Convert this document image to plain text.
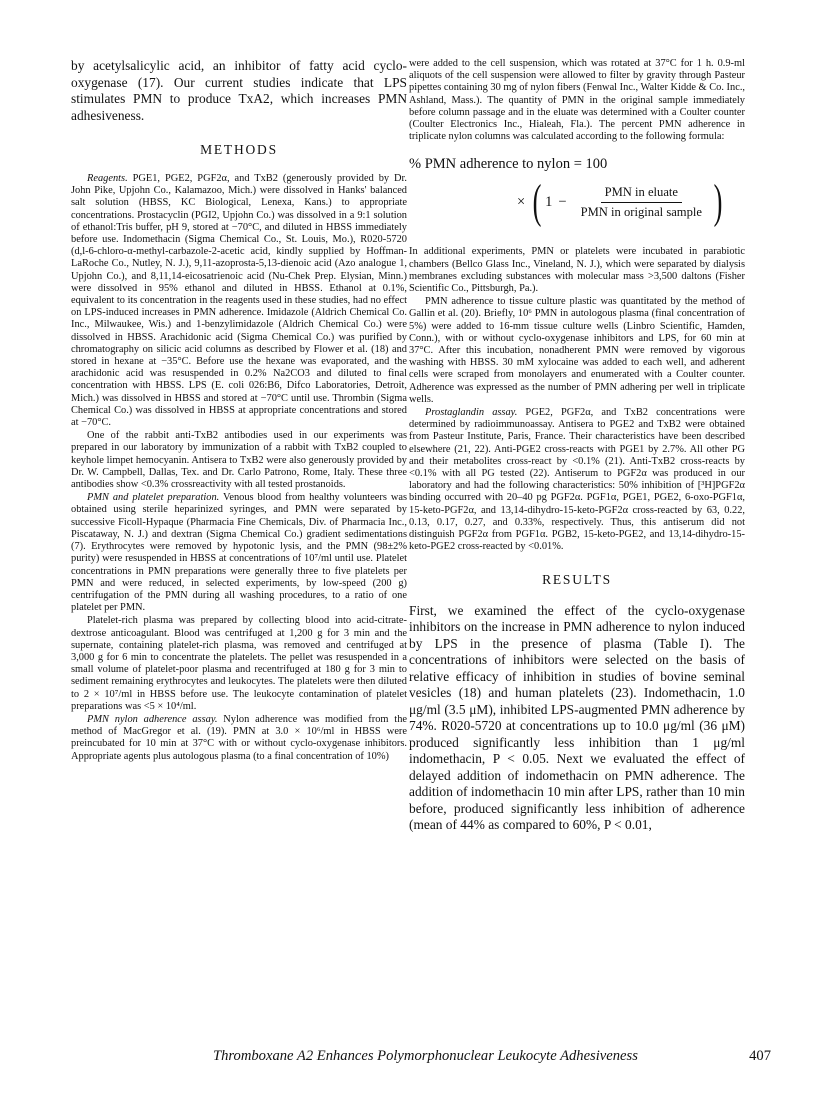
by acetylsalicylic acid, an inhibitor of fatty acid cyclo-oxygenase (17). Our current studies indicate that LPS stimulates PMN to produce TxA2, which increases PMN adhesiveness.

METHODS

Reagents. PGE1, PGE2, PGF2α, and TxB2 (generously provided by Dr. John Pike, Upjohn Co., Kalamazoo, Mich.) were dissolved in Hanks' balanced salt solution (HBSS, KC Biological, Lenexa, Kans.) to appropriate concentrations. Prostacyclin (PGI2, Upjohn Co.) was dissolved in a 9:1 solution of ethanol:Tris buffer, pH 9, stored at −70°C, and diluted in HBSS immediately before use. Indomethacin (Sigma Chemical Co., St. Louis, Mo.), R020-5720 (d,l-6-chloro-α-methyl-carbazole-2-acetic acid, kindly supplied by Hoffman-LaRoche Co., Nutley, N. J.), 9,11-azoprosta-5,13-dienoic acid (Azo analogue 1, Upjohn Co.), and 8,11,14-eicosatrienoic acid (Nu-Chek Prep. Elysian, Minn.) were dissolved in 95% ethanol and diluted in HBSS. Ethanol at 0.1%, equivalent to its concentration in the reagents used in these studies, had no effect on LPS-induced increases in PMN adherence. Imidazole (Aldrich Chemical Co. Inc., Milwaukee, Wis.) and 1-benzylimidazole (Aldrich Chemical Co.) were dissolved in HBSS. Arachidonic acid (Sigma Chemical Co.) was purified by chromatography on silicic acid columns as described by Flower et al. (18) and stored in hexane at −35°C. Before use the hexane was evaporated, and the arachidonic acid was resuspended in 0.2% Na2CO3 and diluted to final concentration with HBSS. LPS (E. coli 026:B6, Difco Laboratories, Detroit, Mich.) was dissolved in HBSS and stored at −70°C until use. Thrombin (Sigma Chemical Co.) was dissolved in HBSS at appropriate concentrations and stored at −70°C.

One of the rabbit anti-TxB2 antibodies used in our experiments was prepared in our laboratory by immunization of a rabbit with TxB2 coupled to keyhole limpet hemocyanin. Antisera to TxB2 were also generously provided by Dr. W. Campbell, Dallas, Tex. and Dr. Carlo Patrono, Rome, Italy. These three antibodies show <0.3% crossreactivity with all tested prostanoids.

PMN and platelet preparation. Venous blood from healthy volunteers was obtained using sterile heparinized syringes, and PMN were separated by successive Ficoll-Hypaque (Pharmacia Fine Chemicals, Div. of Pharmacia Inc., Piscataway, N. J.) and dextran (Sigma Chemical Co.) gradient sedimentations (7). Erythrocytes were removed by hypotonic lysis, and the PMN (98±2% purity) were resuspended in HBSS at concentrations of 10⁷/ml until use. Platelet concentrations in PMN preparations were generally three to five platelets per PMN and were reduced, in selected experiments, by low-speed (200 g) centrifugation of the PMN during all washing procedures, to a ratio of one platelet per PMN.

Platelet-rich plasma was prepared by collecting blood into acid-citrate-dextrose anticoagulant. Blood was centrifuged at 1,200 g for 3 min and the supernate, containing platelet-rich plasma, was removed and centrifuged at 3,000 g for 6 min to concentrate the platelets. The pellet was resuspended in a small volume of platelet-poor plasma and recentrifuged at 180 g for 3 min to sediment remaining erythrocytes and leukocytes. The platelets were then diluted to 2 × 10⁷/ml in HBSS before use. The leukocyte contamination of platelet preparations was <5 × 10⁴/ml.

PMN nylon adherence assay. Nylon adherence was modified from the method of MacGregor et al. (19). PMN at 3.0 × 10⁶/ml in HBSS were preincubated for 10 min at 37°C with or without cyclo-oxygenase inhibitors. Appropriate agents plus autologous plasma (to a final concentration of 10%)

were added to the cell suspension, which was rotated at 37°C for 1 h. 0.9-ml aliquots of the cell suspension were allowed to filter by gravity through Pasteur pipettes containing 30 mg of nylon fibers (Fenwal Inc., Walter Kidde & Co. Inc., Ashland, Mass.). The quantity of PMN in the original sample immediately before column passage and in the eluate was determined with a Coulter counter (Coulter Electronics Inc., Hialeah, Fla.). The percent PMN adherence in triplicate nylon columns was calculated according to the following formula:

% PMN adherence to nylon = 100
× ( $1 - \frac{\text{PMN in eluate}}{\text{PMN in original sample}}$ )

In additional experiments, PMN or platelets were incubated in parabiotic chambers (Bellco Glass Inc., Vineland, N. J.), which were separated by dialysis membranes excluding substances with molecular mass >3,500 daltons (Fisher Scientific Co., Pittsburgh, Pa.).

PMN adherence to tissue culture plastic was quantitated by the method of Gallin et al. (20). Briefly, 10⁶ PMN in autologous plasma (final concentration of 5%) were added to 16-mm tissue culture wells (Linbro Scientific, Hamden, Conn.), with or without cyclo-oxygenase inhibitors and LPS, for 60 min at 37°C. After this incubation, nonadherent PMN were removed by vigorous washing with HBSS. 30 mM xylocaine was added to each well, and adherent cells were scraped from monolayers and enumerated with a Coulter counter. Adherence was expressed as the number of PMN adhering per well in triplicate wells.

Prostaglandin assay. PGE2, PGF2α, and TxB2 concentrations were determined by radioimmunoassay. Antisera to PGE2 and TxB2 were obtained from Pasteur Institute, Paris, France. Their characteristics have been described elsewhere (21, 22). Anti-PGE2 cross-reacts with PGE1 by 2.7%. All other PG and their metabolites cross-react by <0.1% (21). Anti-TxB2 cross-reacts by <0.1% with all PG tested (22). Antiserum to PGF2α was produced in our laboratory and had the following characteristics: 50% inhibition of [³H]PGF2α binding occurred with 20–40 pg PGF2α. PGF1α, PGE1, PGE2, 6-oxo-PGF1α, 15-keto-PGF2α, and 13,14-dihydro-15-keto-PGF2α cross-reacted by 63, 0.22, 0.13, 0.17, 0.27, and 0.33%, respectively. Thus, this antiserum did not distinguish PGF2α from PGF1α. PGB2, 15-keto-PGE2, and 13,14-dihydro-15-keto-PGE2 cross-reacted by <0.01%.

RESULTS

First, we examined the effect of the cyclo-oxygenase inhibitors on the increase in PMN adherence to nylon induced by LPS in the presence of plasma (Table I). The concentrations of inhibitors were selected on the basis of relative efficacy of inhibition in studies of bovine seminal vesicles (18) and human platelets (23). Indomethacin, 1.0 μg/ml (3.5 μM), inhibited LPS-augmented PMN adherence by 74%. R020-5720 at concentrations up to 10.0 μg/ml (36 μM) produced significantly less inhibition than 1 μg/ml indomethacin, P < 0.05. Next we evaluated the effect of delayed addition of indomethacin on PMN adherence. The addition of indomethacin 10 min after LPS, rather than 10 min before, produced significantly less inhibition of adherence (mean of 44% as compared to 60%, P < 0.01,

Thromboxane A2 Enhances Polymorphonuclear Leukocyte Adhesiveness	407
